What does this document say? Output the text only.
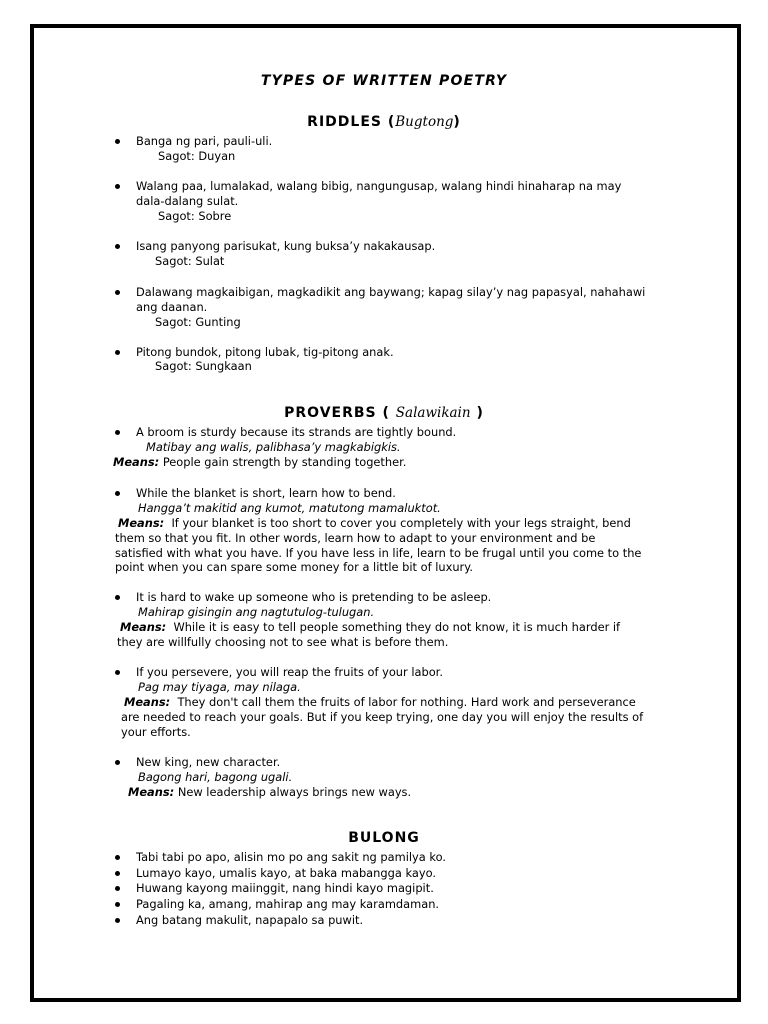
TYPES OF WRITTEN POETRY
RIDDLES (Bugtong)
Banga ng pari, pauli-uli.
Sagot: Duyan
Walang paa, lumalakad, walang bibig, nangungusap, walang hindi hinaharap na may
dala-dalang sulat.
Sagot: Sobre
Isang panyong parisukat, kung buksa’y nakakausap.
Sagot: Sulat
Dalawang magkaibigan, magkadikit ang baywang; kapag silay’y nag papasyal, nahahawi
ang daanan.
Sagot: Gunting
Pitong bundok, pitong lubak, tig-pitong anak.
Sagot: Sungkaan
PROVERBS ( Salawikain )
A broom is sturdy because its strands are tightly bound.
Matibay ang walis, palibhasa’y magkabigkis.
Means: People gain strength by standing together.
While the blanket is short, learn how to bend.
Hangga’t makitid ang kumot, matutong mamaluktot.
Means: If your blanket is too short to cover you completely with your legs straight, bend
them so that you fit. In other words, learn how to adapt to your environment and be
satisfied with what you have. If you have less in life, learn to be frugal until you come to the
point when you can spare some money for a little bit of luxury.
It is hard to wake up someone who is pretending to be asleep.
Mahirap gisingin ang nagtutulog-tulugan.
Means: While it is easy to tell people something they do not know, it is much harder if
they are willfully choosing not to see what is before them.
If you persevere, you will reap the fruits of your labor.
Pag may tiyaga, may nilaga.
Means: They don't call them the fruits of labor for nothing. Hard work and perseverance
are needed to reach your goals. But if you keep trying, one day you will enjoy the results of
your efforts.
New king, new character.
Bagong hari, bagong ugali.
Means: New leadership always brings new ways.
BULONG
Tabi tabi po apo, alisin mo po ang sakit ng pamilya ko.
Lumayo kayo, umalis kayo, at baka mabangga kayo.
Huwang kayong maiinggit, nang hindi kayo magipit.
Pagaling ka, amang, mahirap ang may karamdaman.
Ang batang makulit, napapalo sa puwit.
